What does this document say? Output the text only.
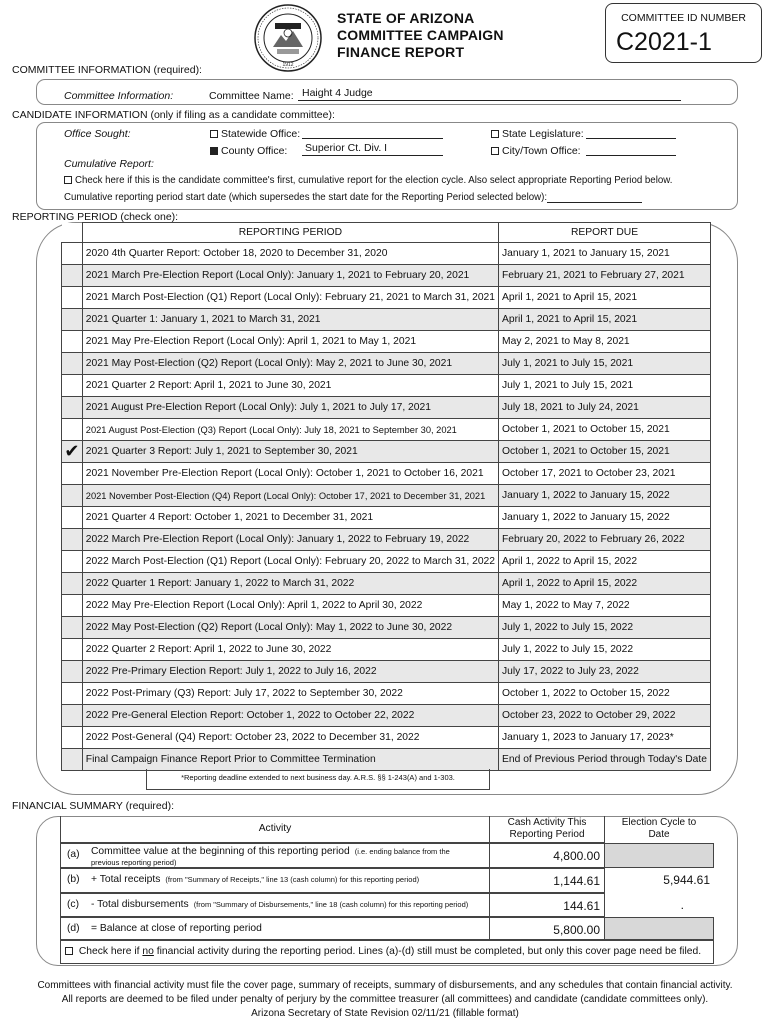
1912
STATE OF ARIZONA
COMMITTEE CAMPAIGN
FINANCE REPORT
COMMITTEE ID NUMBER
C2021-1
COMMITTEE INFORMATION (required):
Committee Information:	Committee Name: Haight 4 Judge
CANDIDATE INFORMATION (only if filing as a candidate committee):
Office Sought:	Statewide Office:
County Office: Superior Ct. Div. I
State Legislature:
City/Town Office:
Cumulative Report:
Check here if this is the candidate committee's first, cumulative report for the election cycle. Also select appropriate Reporting Period below.
Cumulative reporting period start date (which supersedes the start date for the Reporting Period selected below):
REPORTING PERIOD (check one):
	REPORTING PERIOD	REPORT DUE
	2020 4th Quarter Report: October 18, 2020 to December 31, 2020	January 1, 2021 to January 15, 2021
	2021 March Pre-Election Report (Local Only): January 1, 2021 to February 20, 2021	February 21, 2021 to February 27, 2021
	2021 March Post-Election (Q1) Report (Local Only): February 21, 2021 to March 31, 2021	April 1, 2021 to April 15, 2021
	2021 Quarter 1: January 1, 2021 to March 31, 2021	April 1, 2021 to April 15, 2021
	2021 May Pre-Election Report (Local Only): April 1, 2021 to May 1, 2021	May 2, 2021 to May 8, 2021
	2021 May Post-Election (Q2) Report (Local Only): May 2, 2021 to June 30, 2021	July 1, 2021 to July 15, 2021
	2021 Quarter 2 Report: April 1, 2021 to June 30, 2021	July 1, 2021 to July 15, 2021
	2021 August Pre-Election Report (Local Only): July 1, 2021 to July 17, 2021	July 18, 2021 to July 24, 2021
	2021 August Post-Election (Q3) Report (Local Only): July 18, 2021 to September 30, 2021	October 1, 2021 to October 15, 2021
✔	2021 Quarter 3 Report: July 1, 2021 to September 30, 2021	October 1, 2021 to October 15, 2021
	2021 November Pre-Election Report (Local Only): October 1, 2021 to October 16, 2021	October 17, 2021 to October 23, 2021
	2021 November Post-Election (Q4) Report (Local Only): October 17, 2021 to December 31, 2021	January 1, 2022 to January 15, 2022
	2021 Quarter 4 Report: October 1, 2021 to December 31, 2021	January 1, 2022 to January 15, 2022
	2022 March Pre-Election Report (Local Only): January 1, 2022 to February 19, 2022	February 20, 2022 to February 26, 2022
	2022 March Post-Election (Q1) Report (Local Only): February 20, 2022 to March 31, 2022	April 1, 2022 to April 15, 2022
	2022 Quarter 1 Report: January 1, 2022 to March 31, 2022	April 1, 2022 to April 15, 2022
	2022 May Pre-Election Report (Local Only): April 1, 2022 to April 30, 2022	May 1, 2022 to May 7, 2022
	2022 May Post-Election (Q2) Report (Local Only): May 1, 2022 to June 30, 2022	July 1, 2022 to July 15, 2022
	2022 Quarter 2 Report: April 1, 2022 to June 30, 2022	July 1, 2022 to July 15, 2022
	2022 Pre-Primary Election Report: July 1, 2022 to July 16, 2022	July 17, 2022 to July 23, 2022
	2022 Post-Primary (Q3) Report: July 17, 2022 to September 30, 2022	October 1, 2022 to October 15, 2022
	2022 Pre-General Election Report: October 1, 2022 to October 22, 2022	October 23, 2022 to October 29, 2022
	2022 Post-General (Q4) Report: October 23, 2022 to December 31, 2022	January 1, 2023 to January 17, 2023*
	Final Campaign Finance Report Prior to Committee Termination	End of Previous Period through Today's Date
*Reporting deadline extended to next business day. A.R.S. §§ 1-243(A) and 1-303.
FINANCIAL SUMMARY (required):
Activity
Cash Activity This
Reporting Period
Election Cycle to
Date
(a) Committee value at the beginning of this reporting period (i.e. ending balance from the
previous reporting period)	4,800.00
(b) + Total receipts (from "Summary of Receipts," line 13 (cash column) for this reporting period)	1,144.61	5,944.61
(c) - Total disbursements (from "Summary of Disbursements," line 18 (cash column) for this reporting period)	144.61	.
(d) = Balance at close of reporting period	5,800.00
Check here if no financial activity during the reporting period. Lines (a)-(d) still must be completed, but only this cover page need be filed.
Committees with financial activity must file the cover page, summary of receipts, summary of disbursements, and any schedules that contain financial activity.
All reports are deemed to be filed under penalty of perjury by the committee treasurer (all committees) and candidate (candidate committees only).
Arizona Secretary of State Revision 02/11/21 (fillable format)
